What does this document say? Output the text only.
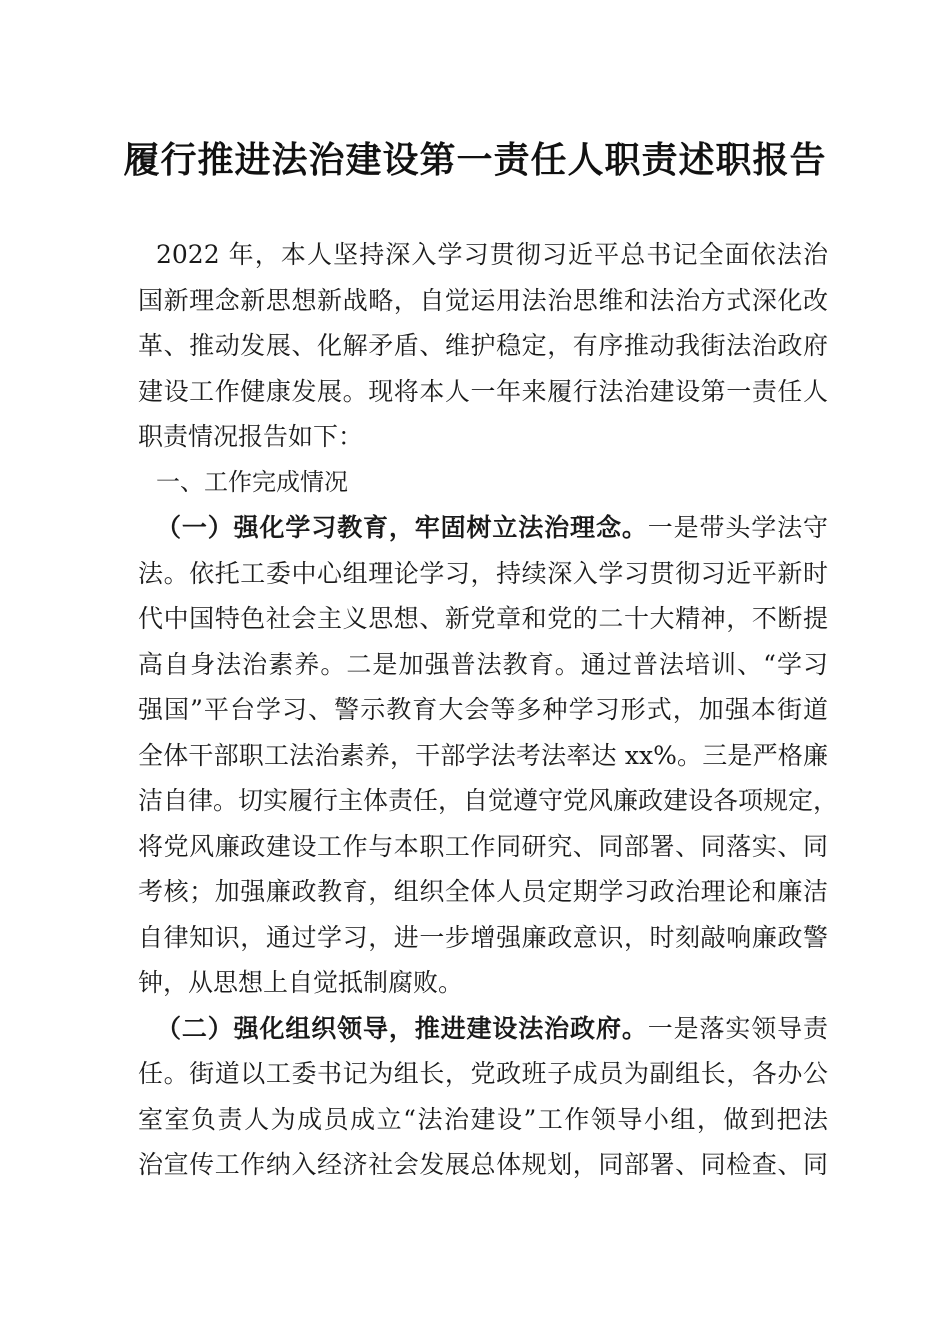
履行推进法治建设第一责任人职责述职报告
2022 年，本人坚持深入学习贯彻习近平总书记全面依法治
国新理念新思想新战略，自觉运用法治思维和法治方式深化改
革、推动发展、化解矛盾、维护稳定，有序推动我街法治政府
建设工作健康发展。现将本人一年来履行法治建设第一责任人
职责情况报告如下：
一、工作完成情况
（一）强化学习教育，牢固树立法治理念。一是带头学法守
法。依托工委中心组理论学习，持续深入学习贯彻习近平新时
代中国特色社会主义思想、新党章和党的二十大精神，不断提
高自身法治素养。二是加强普法教育。通过普法培训、“学习
强国”平台学习、警示教育大会等多种学习形式，加强本街道
全体干部职工法治素养，干部学法考法率达 xx%。三是严格廉
洁自律。切实履行主体责任，自觉遵守党风廉政建设各项规定，
将党风廉政建设工作与本职工作同研究、同部署、同落实、同
考核；加强廉政教育，组织全体人员定期学习政治理论和廉洁
自律知识，通过学习，进一步增强廉政意识，时刻敲响廉政警
钟，从思想上自觉抵制腐败。
（二）强化组织领导，推进建设法治政府。一是落实领导责
任。街道以工委书记为组长，党政班子成员为副组长，各办公
室室负责人为成员成立“法治建设”工作领导小组，做到把法
治宣传工作纳入经济社会发展总体规划，同部署、同检查、同
